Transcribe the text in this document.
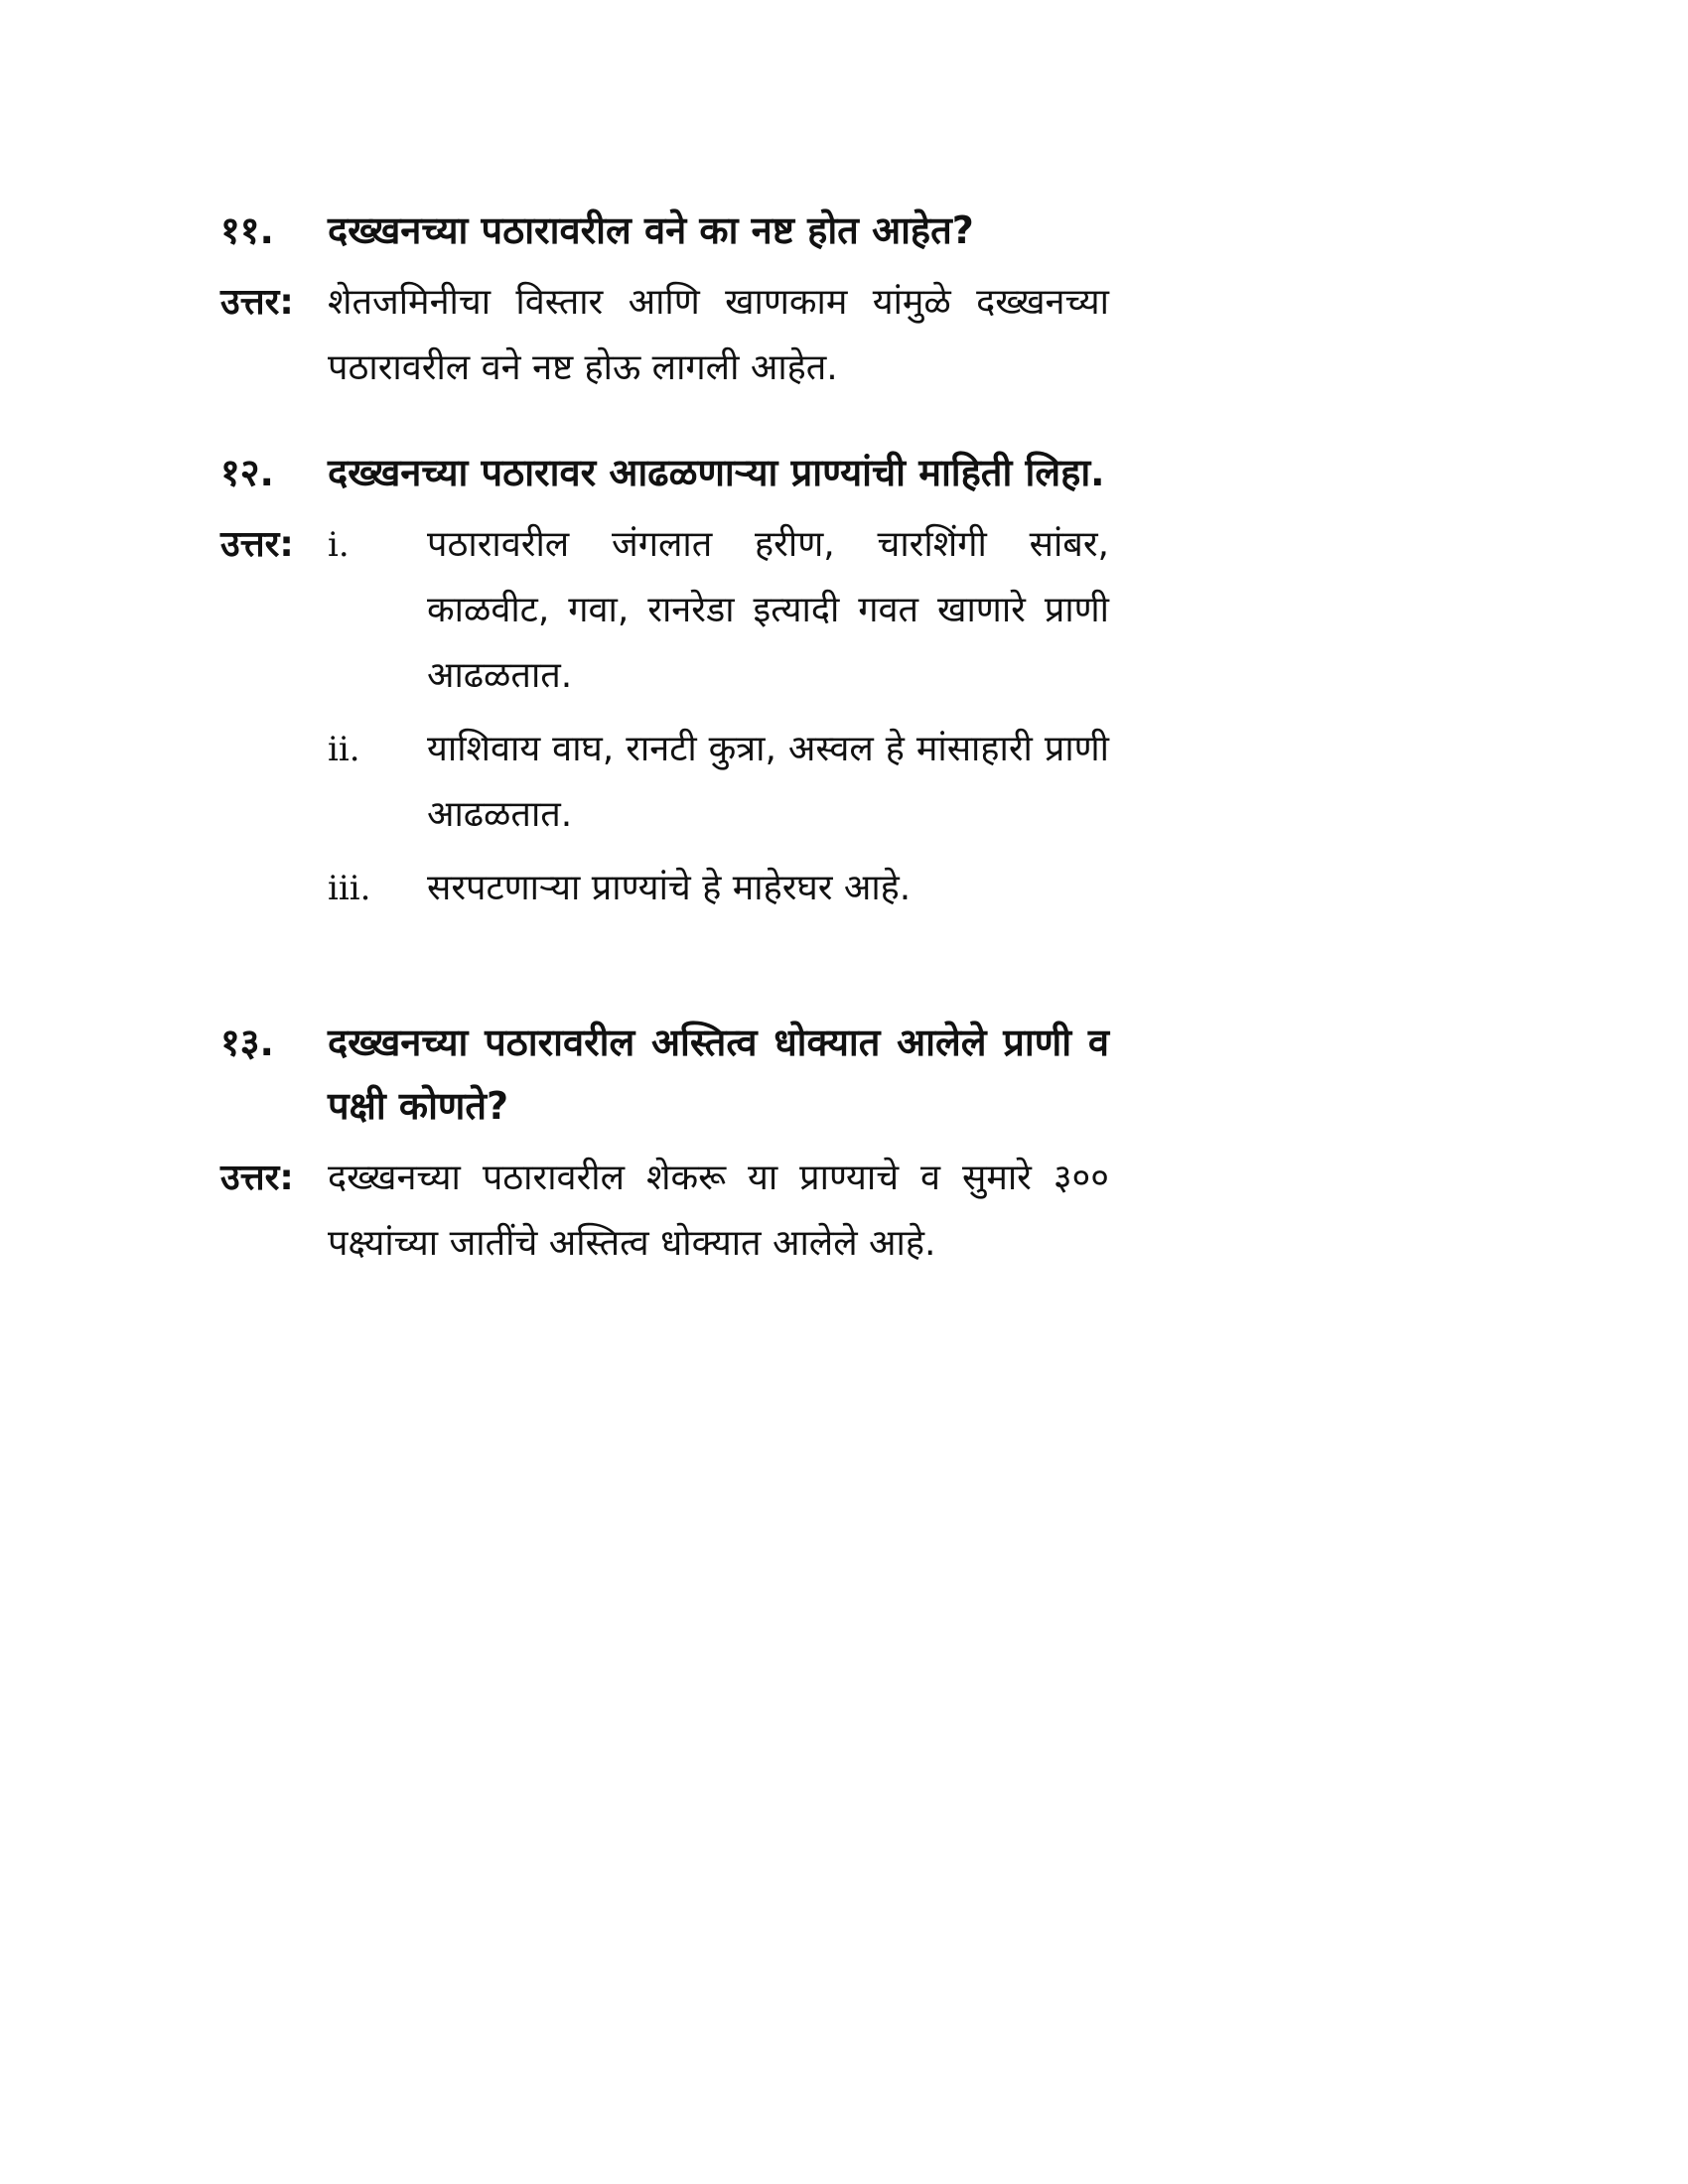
११.	दख्खनच्या पठारावरील वने का नष्ट होत आहेत?
उत्तर: शेतजमिनीचा विस्तार आणि खाणकाम यांमुळे दख्खनच्या पठारावरील वने नष्ट होऊ लागली आहेत.
१२.	दख्खनच्या पठारावर आढळणाऱ्या प्राण्यांची माहिती लिहा.
उत्तर:	i.	पठारावरील जंगलात हरीण, चारशिंगी सांबर, काळवीट, गवा, रानरेडा इत्यादी गवत खाणारे प्राणी आढळतात.
ii.	याशिवाय वाघ, रानटी कुत्रा, अस्वल हे मांसाहारी प्राणी आढळतात.
iii.	सरपटणाऱ्या प्राण्यांचे हे माहेरघर आहे.
१३.	दख्खनच्या पठारावरील अस्तित्व धोक्यात आलेले प्राणी व पक्षी कोणते?
उत्तर: दख्खनच्या पठारावरील शेकरू या प्राण्याचे व सुमारे ३०० पक्ष्यांच्या जातींचे अस्तित्व धोक्यात आलेले आहे.
